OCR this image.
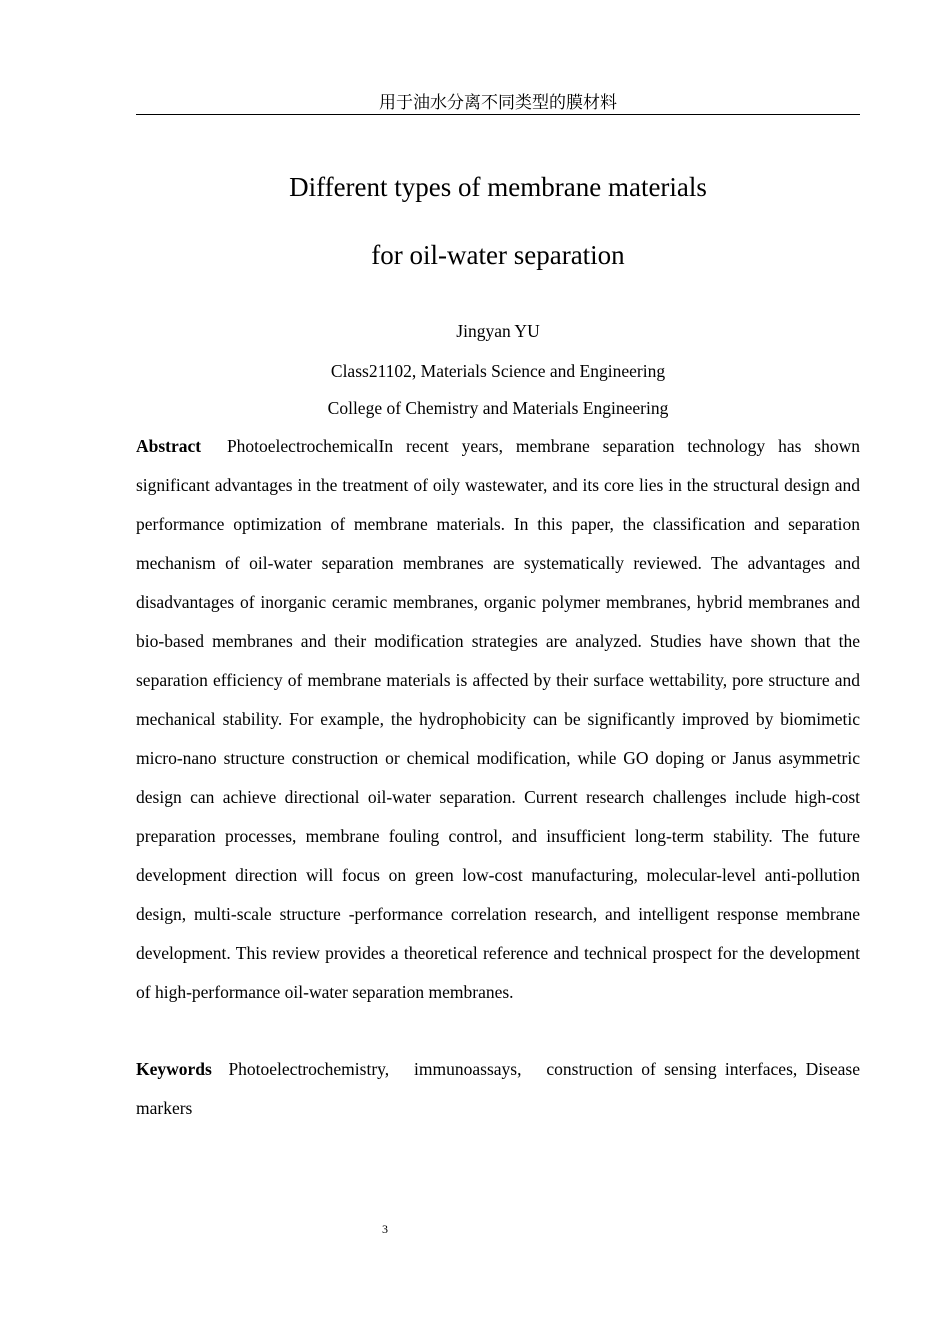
用于油水分离不同类型的膜材料
Different types of membrane materials
for oil-water separation
Jingyan YU
Class21102, Materials Science and Engineering
College of Chemistry and Materials Engineering
Abstract PhotoelectrochemicalIn recent years, membrane separation technology has shown significant advantages in the treatment of oily wastewater, and its core lies in the structural design and performance optimization of membrane materials. In this paper, the classification and separation mechanism of oil-water separation membranes are systematically reviewed. The advantages and disadvantages of inorganic ceramic membranes, organic polymer membranes, hybrid membranes and bio-based membranes and their modification strategies are analyzed. Studies have shown that the separation efficiency of membrane materials is affected by their surface wettability, pore structure and mechanical stability. For example, the hydrophobicity can be significantly improved by biomimetic micro-nano structure construction or chemical modification, while GO doping or Janus asymmetric design can achieve directional oil-water separation. Current research challenges include high-cost preparation processes, membrane fouling control, and insufficient long-term stability. The future development direction will focus on green low-cost manufacturing, molecular-level anti-pollution design, multi-scale structure -performance correlation research, and intelligent response membrane development. This review provides a theoretical reference and technical prospect for the development of high-performance oil-water separation membranes.
Keywords Photoelectrochemistry, immunoassays, construction of sensing interfaces, Disease markers
3
